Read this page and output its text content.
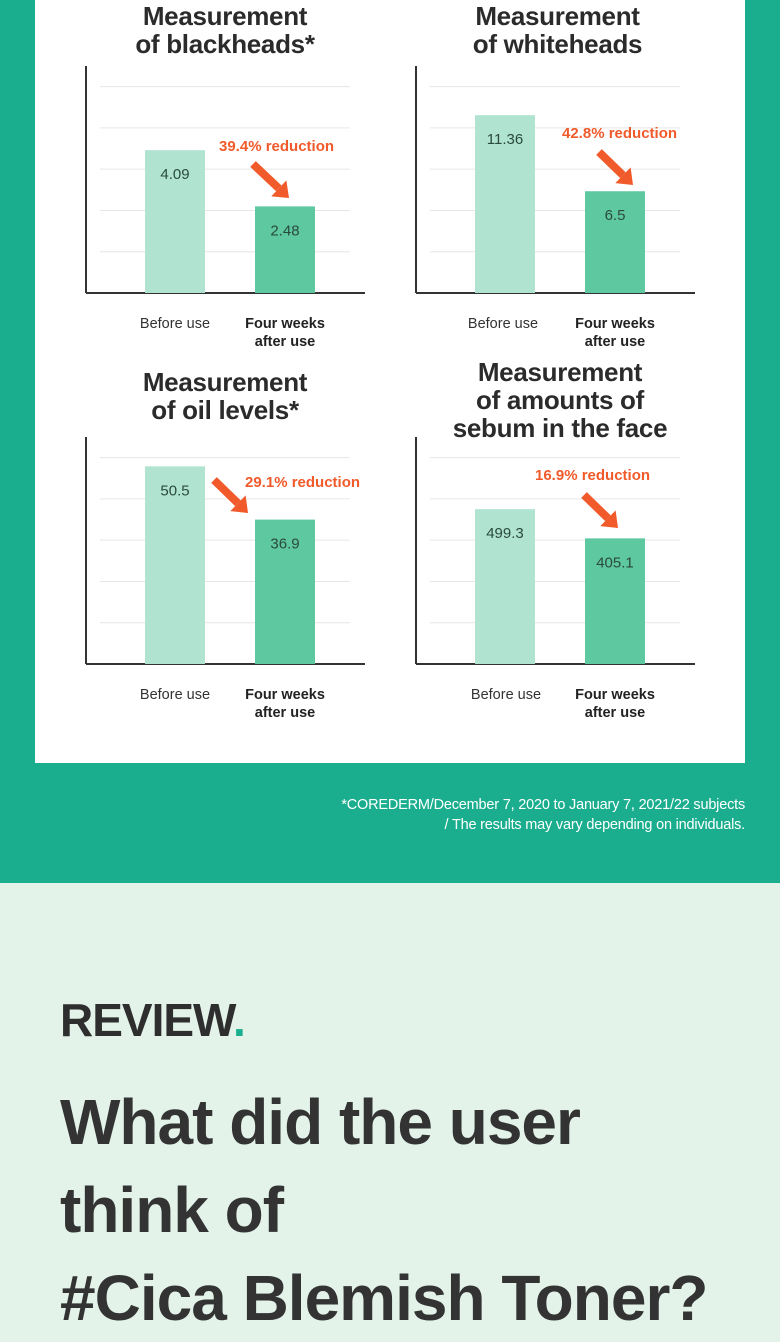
Measurement
of blackheads*
4.09
2.48
39.4% reduction
Before use	Four weeks
after use
Measurement
of whiteheads
11.36
6.5
42.8% reduction
Before use	Four weeks
after use
Measurement
of oil levels*
50.5
36.9
29.1% reduction
Before use	Four weeks
after use
Measurement
of amounts of
sebum in the face
499.3
405.1
16.9% reduction
Before use	Four weeks
after use
*COREDERM/December 7, 2020 to January 7, 2021/22 subjects
/ The results may vary depending on individuals.
REVIEW.
What did the user
think of
#Cica Blemish Toner?
